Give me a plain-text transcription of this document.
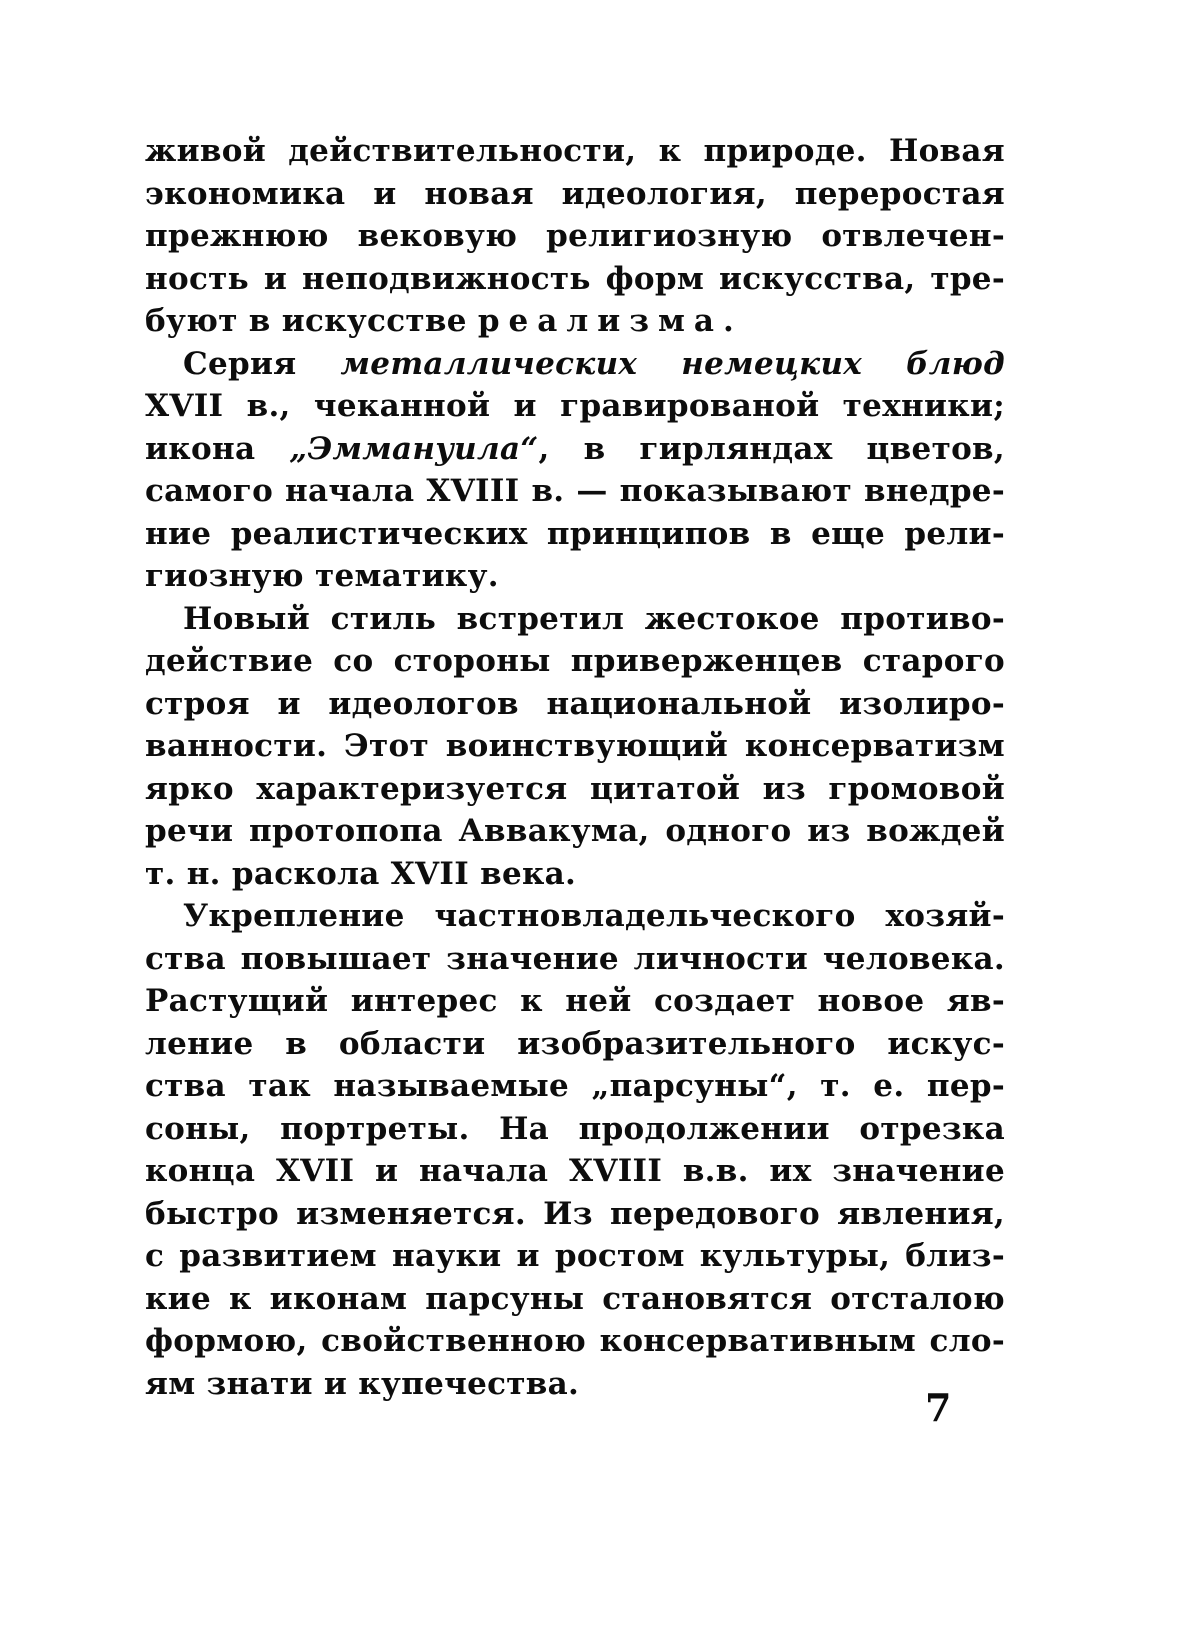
живой действительности, к природе. Новая
экономика и новая идеология, переростая
прежнюю вековую религиозную отвлечен-
ность и неподвижность форм искусства, тре-
буют в искусстве реализма.
Серия металлических немецких блюд
XVII в., чеканной и гравированой техники;
икона „Эммануила“, в гирляндах цветов,
самого начала XVIII в. — показывают внедре-
ние реалистических принципов в еще рели-
гиозную тематику.
Новый стиль встретил жестокое противо-
действие со стороны приверженцев старого
строя и идеологов национальной изолиро-
ванности. Этот воинствующий консерватизм
ярко характеризуется цитатой из громовой
речи протопопа Аввакума, одного из вождей
т. н. раскола XVII века.
Укрепление частновладельческого хозяй-
ства повышает значение личности человека.
Растущий интерес к ней создает новое яв-
ление в области изобразительного искус-
ства так называемые „парсуны“, т. е. пер-
соны, портреты. На продолжении отрезка
конца XVII и начала XVIII в.в. их значение
быстро изменяется. Из передового явления,
с развитием науки и ростом культуры, близ-
кие к иконам парсуны становятся отсталою
формою, свойственною консервативным сло-
ям знати и купечества.
7
